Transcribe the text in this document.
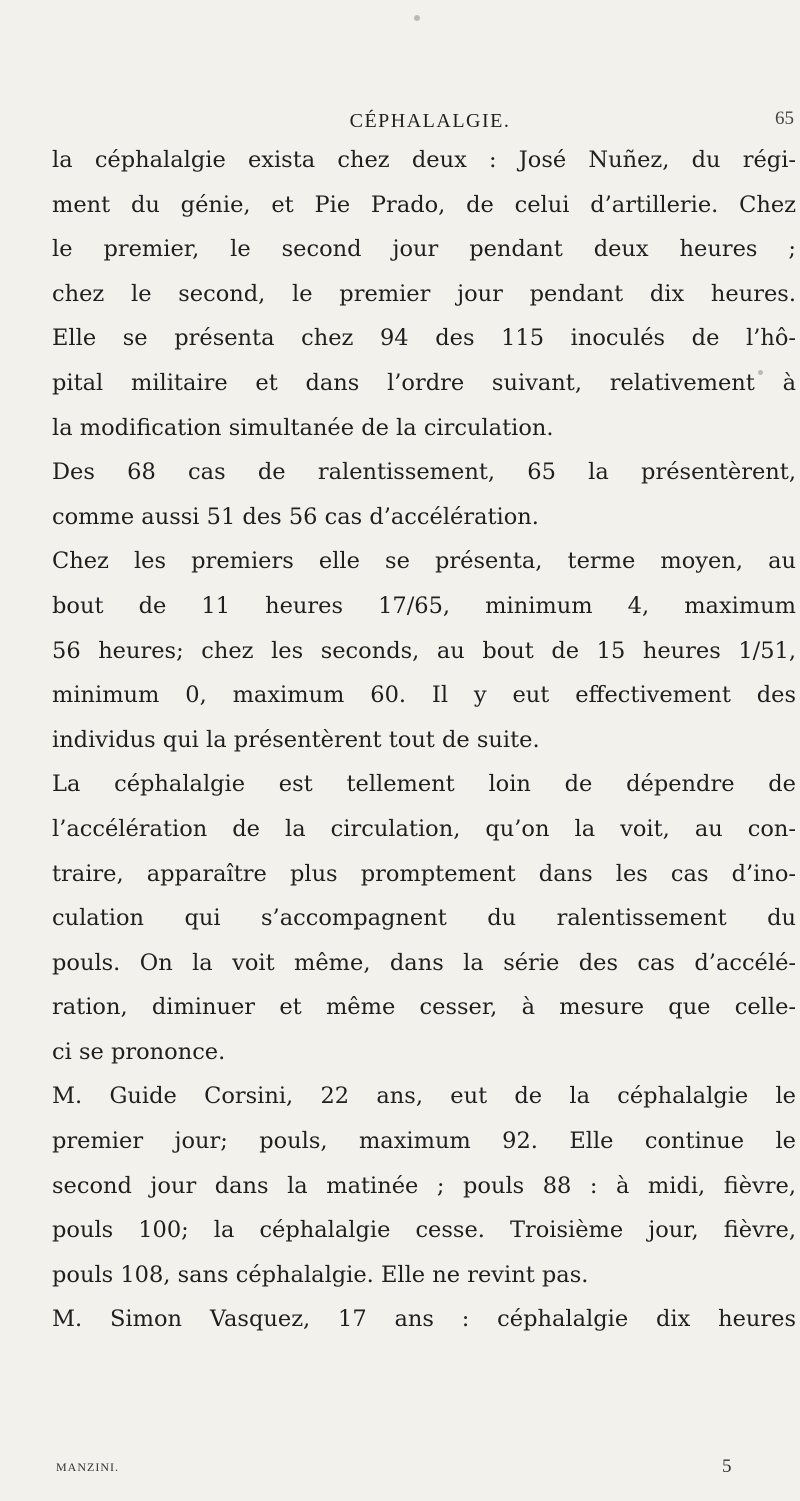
CÉPHALALGIE.	65
la céphalalgie exista chez deux : José Nuñez, du régi-
ment du génie, et Pie Prado, de celui d’artillerie. Chez
le premier, le second jour pendant deux heures ;
chez le second, le premier jour pendant dix heures.
Elle se présenta chez 94 des 115 inoculés de l’hô-
pital militaire et dans l’ordre suivant, relativement à
la modification simultanée de la circulation.
Des 68 cas de ralentissement, 65 la présentèrent,
comme aussi 51 des 56 cas d’accélération.
Chez les premiers elle se présenta, terme moyen, au
bout de 11 heures 17/65, minimum 4, maximum
56 heures; chez les seconds, au bout de 15 heures 1/51,
minimum 0, maximum 60. Il y eut effectivement des
individus qui la présentèrent tout de suite.
La céphalalgie est tellement loin de dépendre de
l’accélération de la circulation, qu’on la voit, au con-
traire, apparaître plus promptement dans les cas d’ino-
culation qui s’accompagnent du ralentissement du
pouls. On la voit même, dans la série des cas d’accélé-
ration, diminuer et même cesser, à mesure que celle-
ci se prononce.
M. Guide Corsini, 22 ans, eut de la céphalalgie le
premier jour; pouls, maximum 92. Elle continue le
second jour dans la matinée ; pouls 88 : à midi, fièvre,
pouls 100; la céphalalgie cesse. Troisième jour, fièvre,
pouls 108, sans céphalalgie. Elle ne revint pas.
M. Simon Vasquez, 17 ans : céphalalgie dix heures
MANZINI.	5
